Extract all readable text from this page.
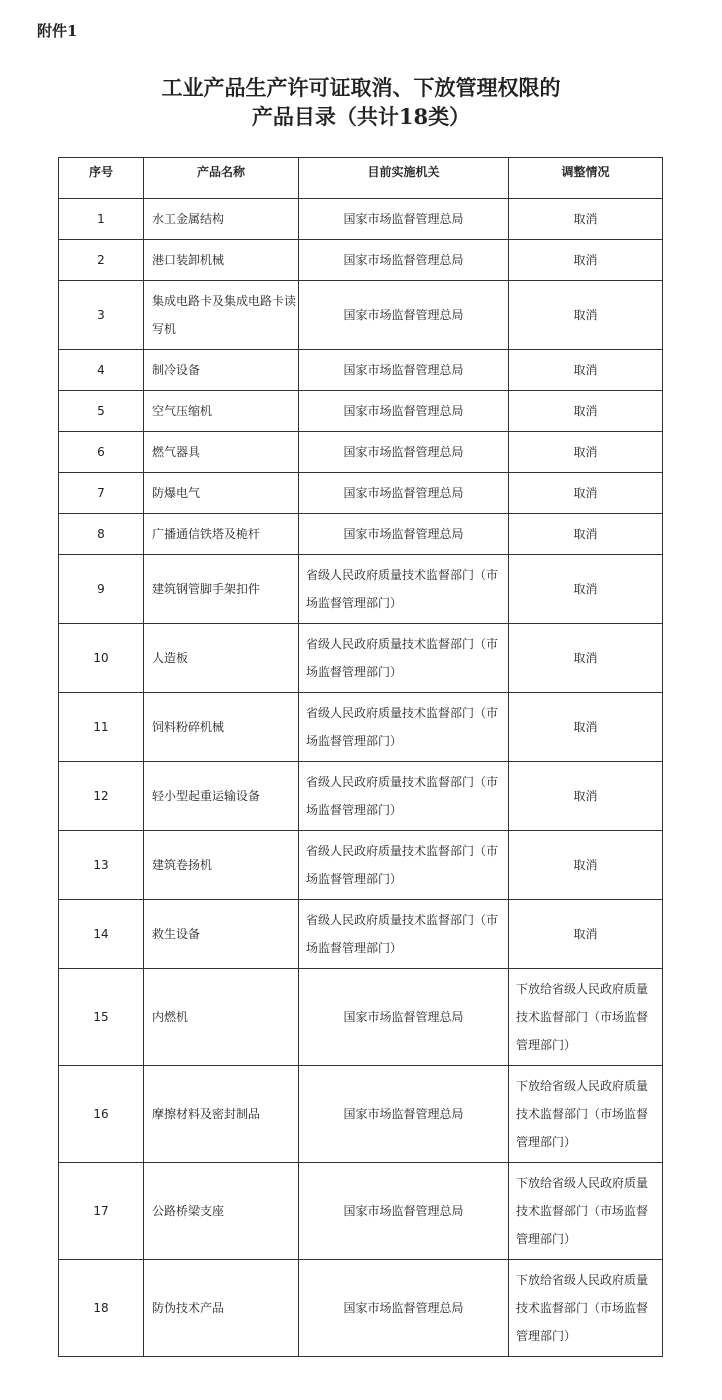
附件1
工业产品生产许可证取消、下放管理权限的
产品目录（共计18类）
序号	产品名称	目前实施机关	调整情况
1	水工金属结构	国家市场监督管理总局	取消
2	港口装卸机械	国家市场监督管理总局	取消
3	集成电路卡及集成电路卡读写机	国家市场监督管理总局	取消
4	制冷设备	国家市场监督管理总局	取消
5	空气压缩机	国家市场监督管理总局	取消
6	燃气器具	国家市场监督管理总局	取消
7	防爆电气	国家市场监督管理总局	取消
8	广播通信铁塔及桅杆	国家市场监督管理总局	取消
9	建筑钢管脚手架扣件	省级人民政府质量技术监督部门（市场监督管理部门）	取消
10	人造板	省级人民政府质量技术监督部门（市场监督管理部门）	取消
11	饲料粉碎机械	省级人民政府质量技术监督部门（市场监督管理部门）	取消
12	轻小型起重运输设备	省级人民政府质量技术监督部门（市场监督管理部门）	取消
13	建筑卷扬机	省级人民政府质量技术监督部门（市场监督管理部门）	取消
14	救生设备	省级人民政府质量技术监督部门（市场监督管理部门）	取消
15	内燃机	国家市场监督管理总局	下放给省级人民政府质量技术监督部门（市场监督管理部门）
16	摩擦材料及密封制品	国家市场监督管理总局	下放给省级人民政府质量技术监督部门（市场监督管理部门）
17	公路桥梁支座	国家市场监督管理总局	下放给省级人民政府质量技术监督部门（市场监督管理部门）
18	防伪技术产品	国家市场监督管理总局	下放给省级人民政府质量技术监督部门（市场监督管理部门）
